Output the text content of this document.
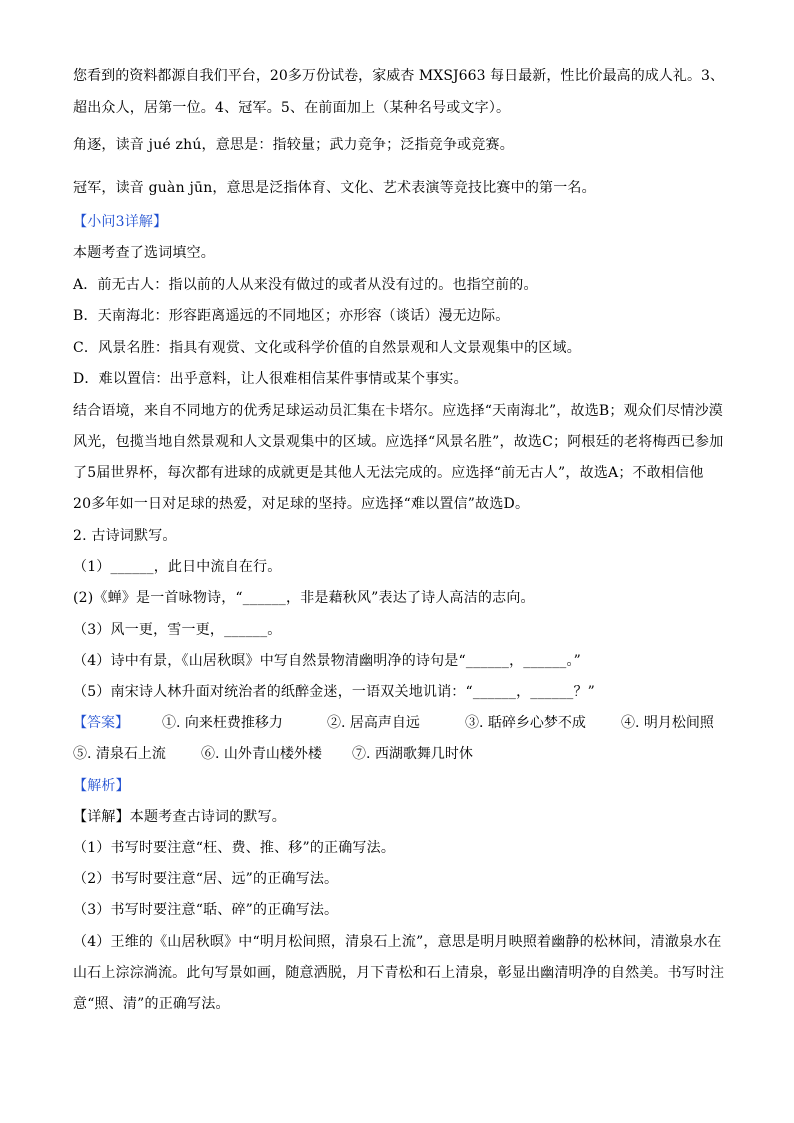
您看到的资料都源自我们平台，20多万份试卷，家威杏 MXSJ663 每日最新，性比价最高的成人礼。3、
超出众人，居第一位。4、冠军。5、在前面加上（某种名号或文字）。
角逐，读音 jué zhú，意思是：指较量；武力竞争；泛指竞争或竞赛。
冠军，读音 guàn jūn，意思是泛指体育、文化、艺术表演等竞技比赛中的第一名。
【小问3详解】
本题考查了选词填空。
A．前无古人：指以前的人从来没有做过的或者从没有过的。也指空前的。
B．天南海北：形容距离遥远的不同地区；亦形容（谈话）漫无边际。
C．风景名胜：指具有观赏、文化或科学价值的自然景观和人文景观集中的区域。
D．难以置信：出乎意料，让人很难相信某件事情或某个事实。
结合语境，来自不同地方的优秀足球运动员汇集在卡塔尔。应选择“天南海北”，故选B；观众们尽情沙漠
风光，包揽当地自然景观和人文景观集中的区域。应选择“风景名胜”，故选C；阿根廷的老将梅西已参加
了5届世界杯，每次都有进球的成就更是其他人无法完成的。应选择“前无古人”，故选A；不敢相信他
20多年如一日对足球的热爱，对足球的坚持。应选择“难以置信”故选D。
2. 古诗词默写。
（1）______，此日中流自在行。
(2)《蝉》是一首咏物诗，“______，非是藉秋风”表达了诗人高洁的志向。
（3）风一更，雪一更，______。
（4）诗中有景，《山居秋暝》中写自然景物清幽明净的诗句是“______，______。”
（5）南宋诗人林升面对统治者的纸醉金迷，一语双关地讥诮：“______，______？”
【答案】 ①. 向来枉费推移力	②. 居高声自远	③. 聒碎乡心梦不成	④. 明月松间照
⑤. 清泉石上流	⑥. 山外青山楼外楼 ⑦. 西湖歌舞几时休
【解析】
【详解】本题考查古诗词的默写。
（1）书写时要注意“枉、费、推、移”的正确写法。
（2）书写时要注意“居、远”的正确写法。
（3）书写时要注意“聒、碎”的正确写法。
（4）王维的《山居秋暝》中“明月松间照，清泉石上流”，意思是明月映照着幽静的松林间，清澈泉水在
山石上淙淙淌流。此句写景如画，随意洒脱，月下青松和石上清泉，彰显出幽清明净的自然美。书写时注
意“照、清”的正确写法。
